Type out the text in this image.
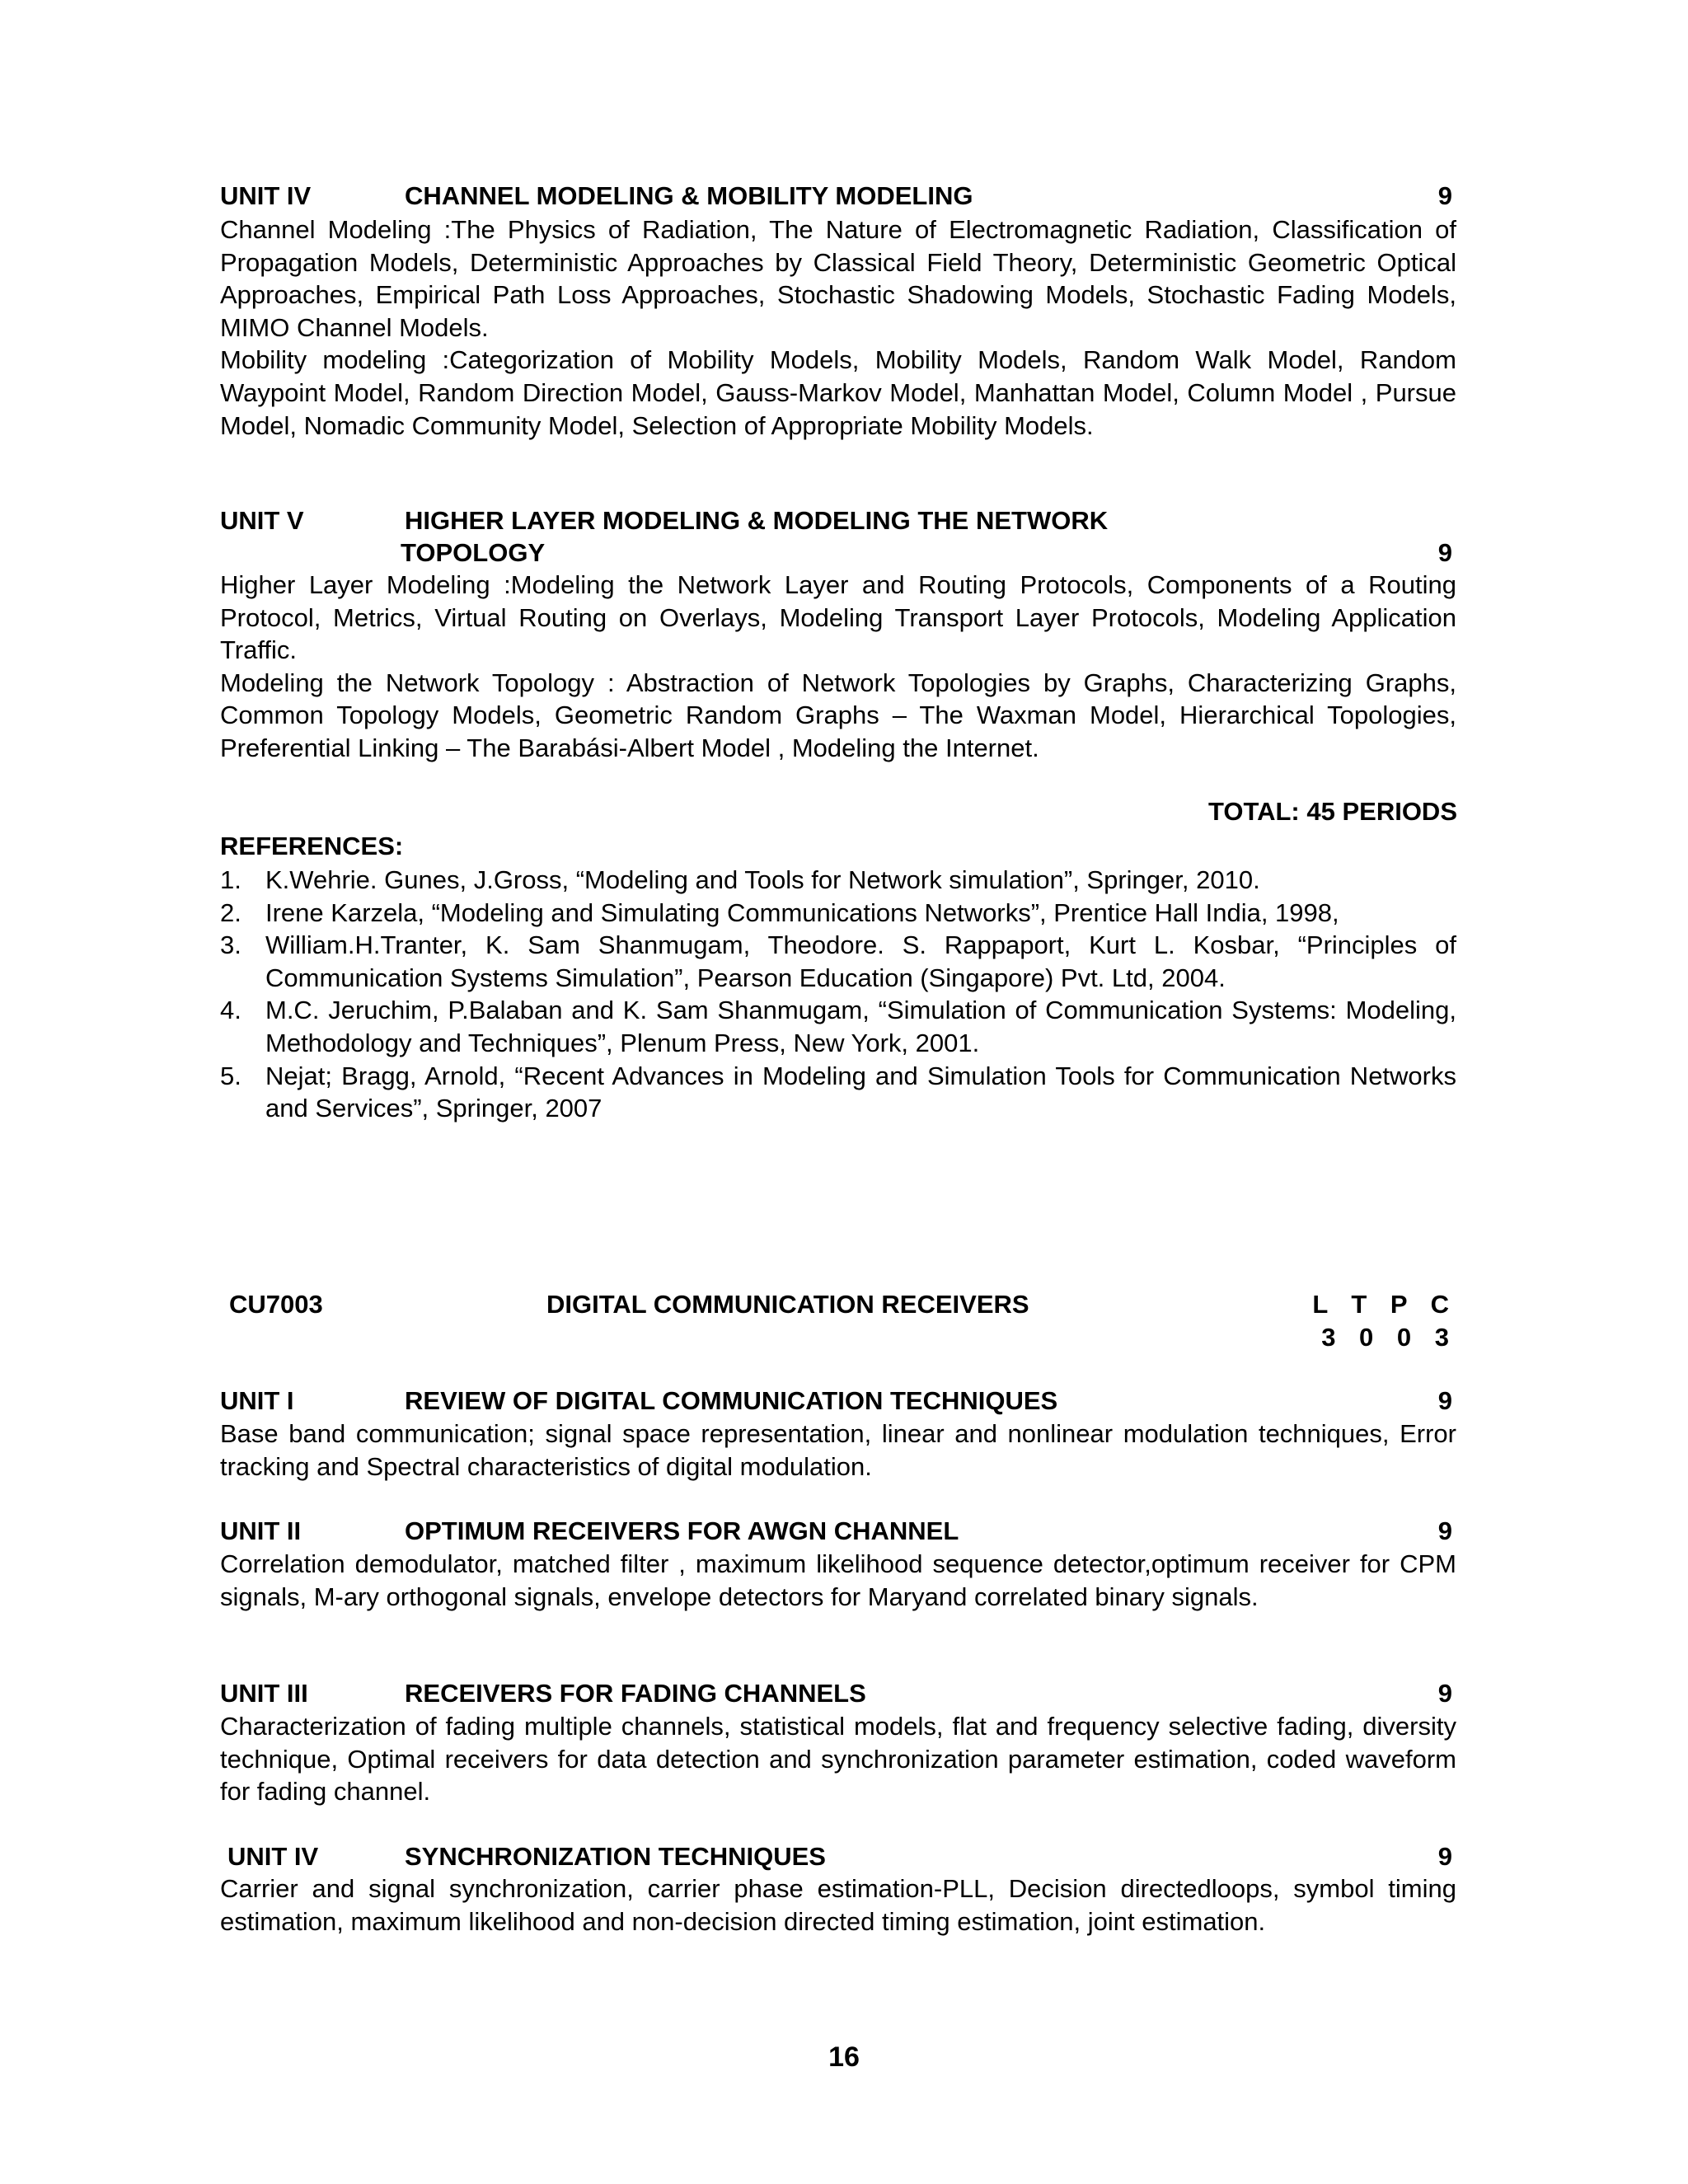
UNIT IV	CHANNEL MODELING & MOBILITY MODELING	9

Channel Modeling :The Physics of Radiation, The Nature of Electromagnetic Radiation, Classification of Propagation Models, Deterministic Approaches by Classical Field Theory, Deterministic Geometric Optical Approaches, Empirical Path Loss Approaches, Stochastic Shadowing Models, Stochastic Fading Models, MIMO Channel Models.

Mobility modeling :Categorization of Mobility Models, Mobility Models, Random Walk Model, Random Waypoint Model, Random Direction Model, Gauss-Markov Model, Manhattan Model, Column Model , Pursue Model, Nomadic Community Model, Selection of Appropriate Mobility Models.

UNIT V	HIGHER LAYER MODELING & MODELING THE NETWORK
TOPOLOGY	9

Higher Layer Modeling :Modeling the Network Layer and Routing Protocols, Components of a Routing Protocol, Metrics, Virtual Routing on Overlays, Modeling Transport Layer Protocols, Modeling Application Traffic.

Modeling the Network Topology : Abstraction of Network Topologies by Graphs, Characterizing Graphs, Common Topology Models, Geometric Random Graphs – The Waxman Model, Hierarchical Topologies, Preferential Linking – The Barabási-Albert Model , Modeling the Internet.

TOTAL: 45 PERIODS
REFERENCES:
1. K.Wehrie. Gunes, J.Gross, “Modeling and Tools for Network simulation”, Springer, 2010.
2. Irene Karzela, “Modeling and Simulating Communications Networks”, Prentice Hall India, 1998,
3. William.H.Tranter, K. Sam Shanmugam, Theodore. S. Rappaport, Kurt L. Kosbar, “Principles of Communication Systems Simulation”, Pearson Education (Singapore) Pvt. Ltd, 2004.
4. M.C. Jeruchim, P.Balaban and K. Sam Shanmugam, “Simulation of Communication Systems: Modeling, Methodology and Techniques”, Plenum Press, New York, 2001.
5. Nejat; Bragg, Arnold, “Recent Advances in Modeling and Simulation Tools for Communication Networks and Services”, Springer, 2007
CU7003	DIGITAL COMMUNICATION RECEIVERS	L T P C
3 0 0 3
UNIT I	REVIEW OF DIGITAL COMMUNICATION TECHNIQUES	9

Base band communication; signal space representation, linear and nonlinear modulation techniques, Error tracking and Spectral characteristics of digital modulation.

UNIT II	OPTIMUM RECEIVERS FOR AWGN CHANNEL	9

Correlation demodulator, matched filter , maximum likelihood sequence detector,optimum receiver for CPM signals, M-ary orthogonal signals, envelope detectors for Maryand correlated binary signals.

UNIT III	RECEIVERS FOR FADING CHANNELS	9

Characterization of fading multiple channels, statistical models, flat and frequency selective fading, diversity technique, Optimal receivers for data detection and synchronization parameter estimation, coded waveform for fading channel.

UNIT IV	SYNCHRONIZATION TECHNIQUES	9

Carrier and signal synchronization, carrier phase estimation-PLL, Decision directedloops, symbol timing estimation, maximum likelihood and non-decision directed timing estimation, joint estimation.

16
